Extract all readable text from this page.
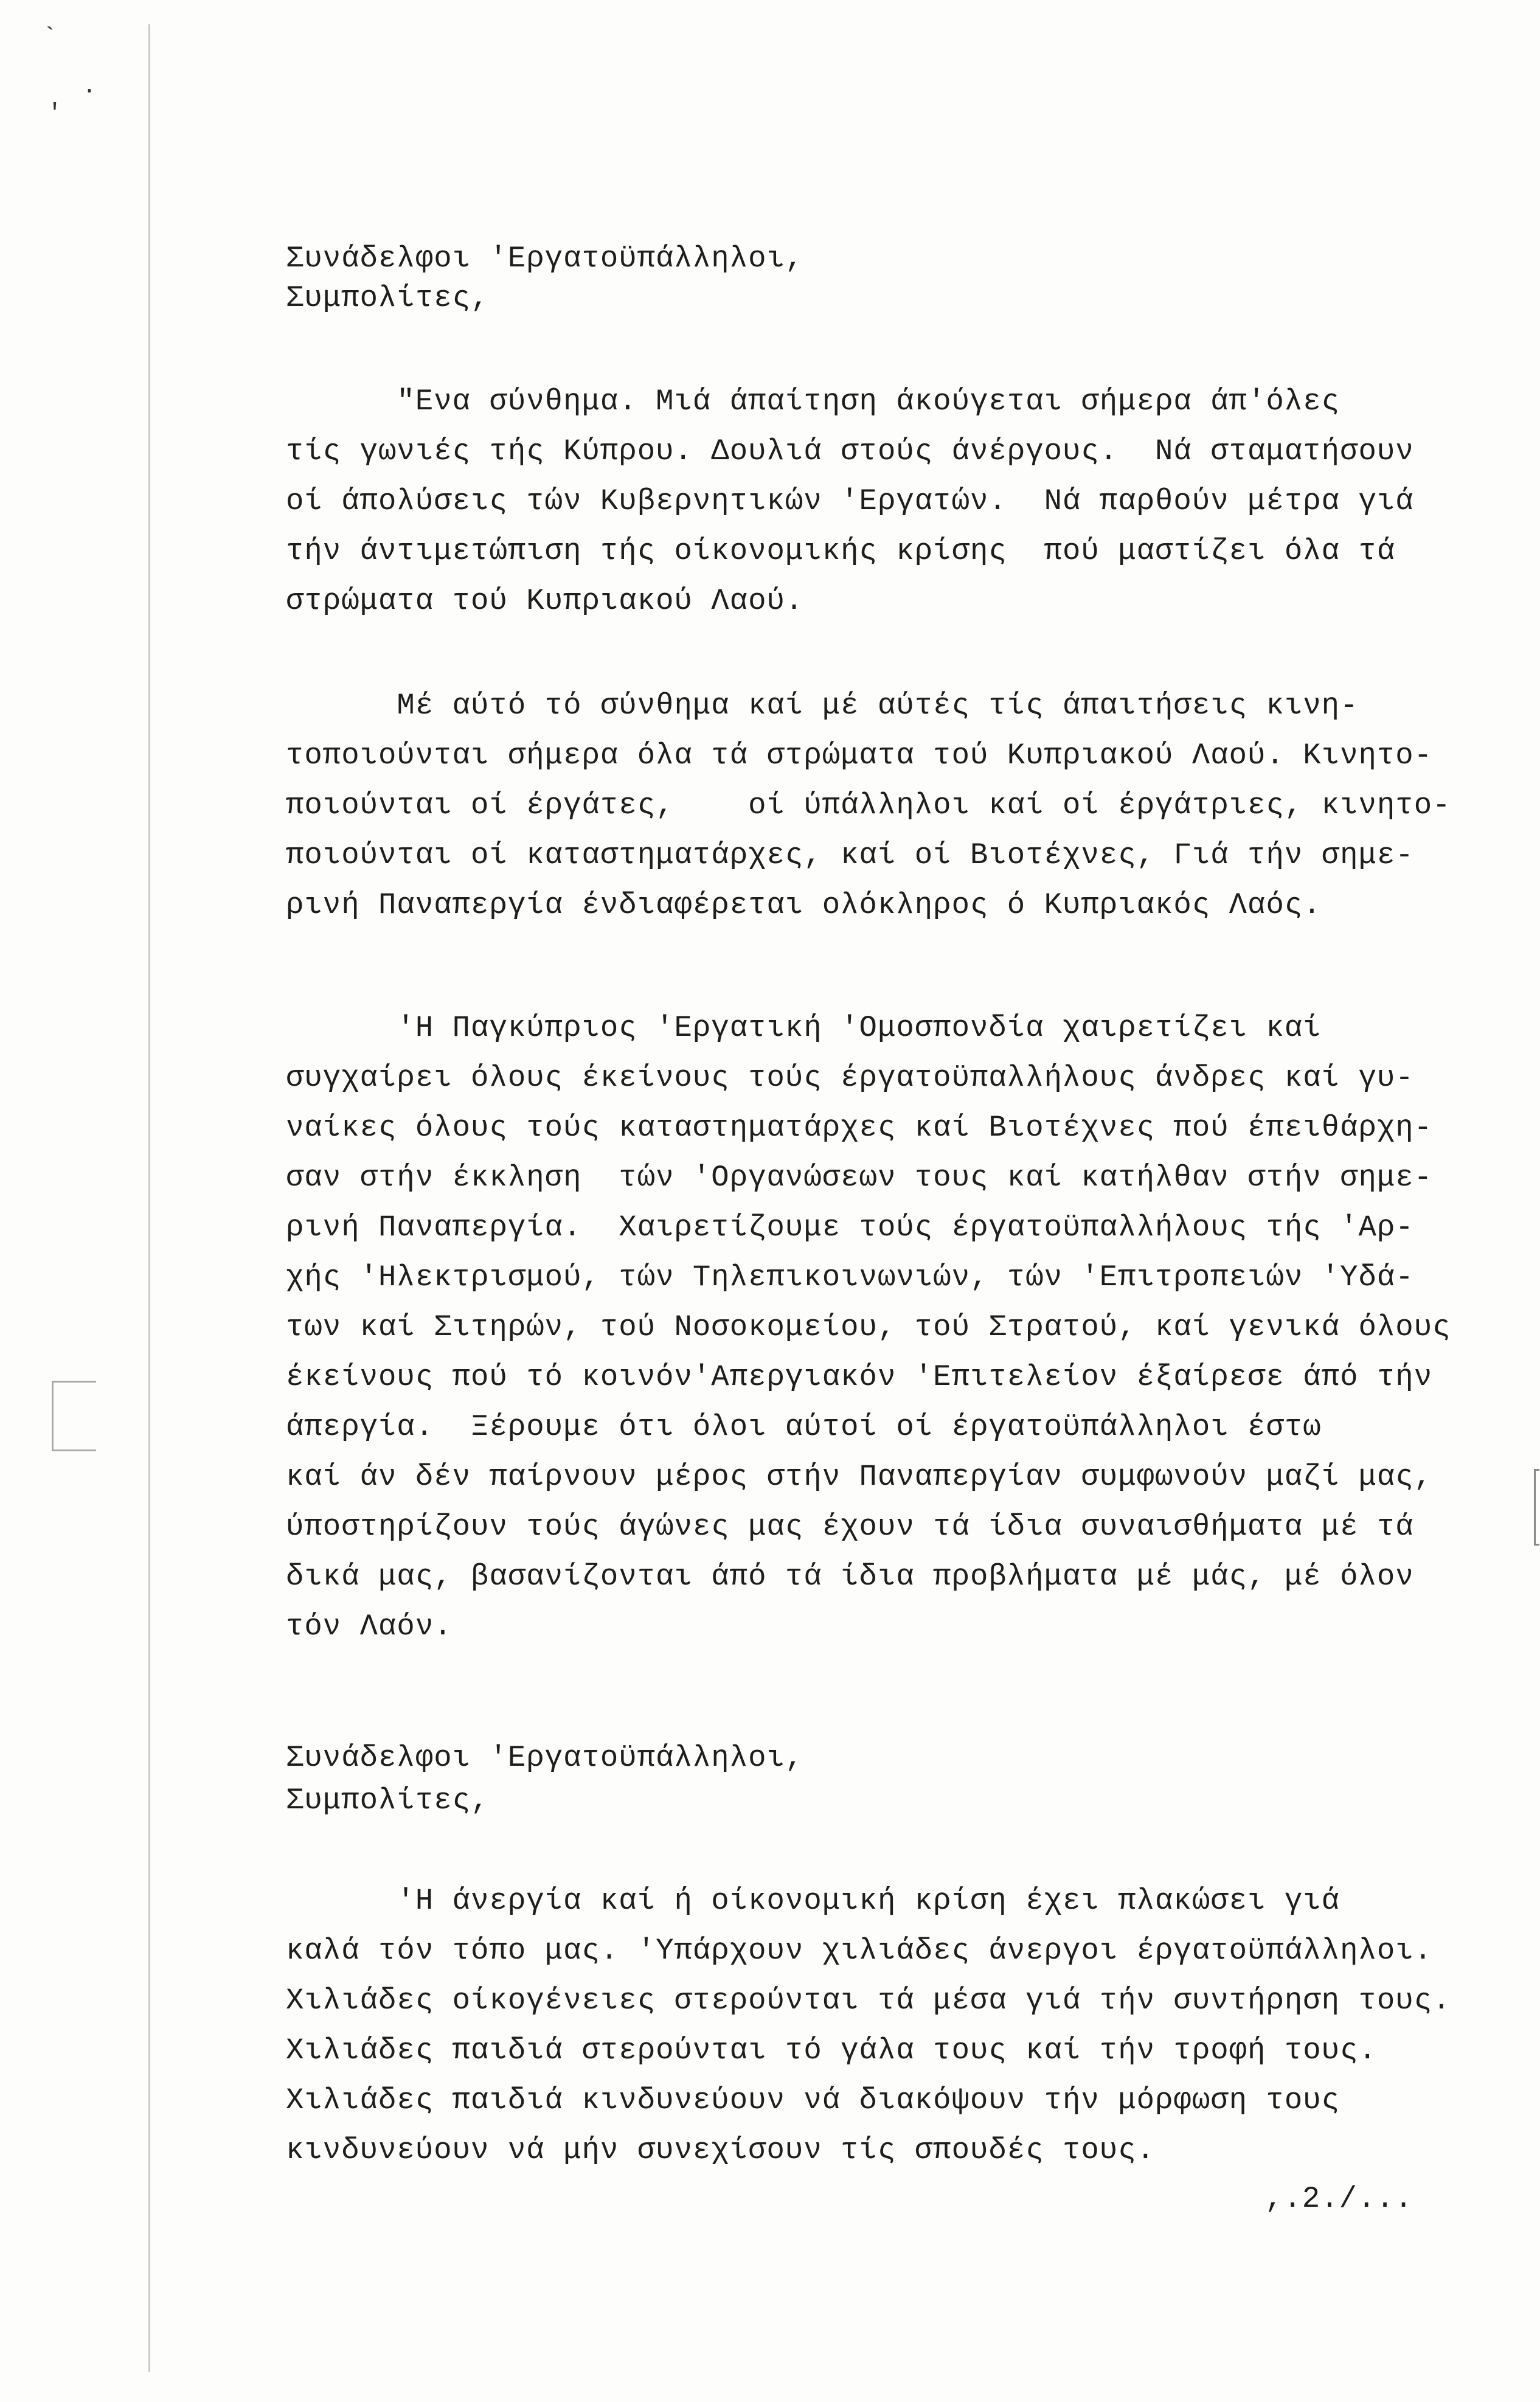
`
.
'
Συνάδελφοι 'Εργατοϋπάλληλοι,
Συμπολίτες,
"Ενα σύνθημα. Μιά άπαίτηση άκούγεται σήμερα άπ'όλες
τίς γωνιές τής Κύπρου. Δουλιά στούς άνέργους.  Νά σταματήσουν
οί άπολύσεις τών Κυβερνητικών 'Εργατών.  Νά παρθούν μέτρα γιά
τήν άντιμετώπιση τής οίκονομικής κρίσης  πού μαστίζει όλα τά
στρώματα τού Κυπριακού Λαού.
Μέ αύτό τό σύνθημα καί μέ αύτές τίς άπαιτήσεις κινη-
τοποιούνται σήμερα όλα τά στρώματα τού Κυπριακού Λαού. Κινητο-
ποιούνται οί έργάτες,    οί ύπάλληλοι καί οί έργάτριες, κινητο-
ποιούνται οί καταστηματάρχες, καί οί Βιοτέχνες, Γιά τήν σημε-
ρινή Παναπεργία ένδιαφέρεται ολόκληρος ό Κυπριακός Λαός.
'Η Παγκύπριος 'Εργατική 'Ομοσπονδία χαιρετίζει καί
συγχαίρει όλους έκείνους τούς έργατοϋπαλλήλους άνδρες καί γυ-
ναίκες όλους τούς καταστηματάρχες καί Βιοτέχνες πού έπειθάρχη-
σαν στήν έκκληση  τών 'Οργανώσεων τους καί κατήλθαν στήν σημε-
ρινή Παναπεργία.  Χαιρετίζουμε τούς έργατοϋπαλλήλους τής 'Αρ-
χής 'Ηλεκτρισμού, τών Τηλεπικοινωνιών, τών 'Επιτροπειών 'Υδά-
των καί Σιτηρών, τού Νοσοκομείου, τού Στρατού, καί γενικά όλους
έκείνους πού τό κοινόν'Απεργιακόν 'Επιτελείον έξαίρεσε άπό τήν
άπεργία.  Ξέρουμε ότι όλοι αύτοί οί έργατοϋπάλληλοι έστω
καί άν δέν παίρνουν μέρος στήν Παναπεργίαν συμφωνούν μαζί μας,
ύποστηρίζουν τούς άγώνες μας έχουν τά ίδια συναισθήματα μέ τά
δικά μας, βασανίζονται άπό τά ίδια προβλήματα μέ μάς, μέ όλον
τόν Λαόν.
Συνάδελφοι 'Εργατοϋπάλληλοι,
Συμπολίτες,
'Η άνεργία καί ή οίκονομική κρίση έχει πλακώσει γιά
καλά τόν τόπο μας. 'Υπάρχουν χιλιάδες άνεργοι έργατοϋπάλληλοι.
Χιλιάδες οίκογένειες στερούνται τά μέσα γιά τήν συντήρηση τους.
Χιλιάδες παιδιά στερούνται τό γάλα τους καί τήν τροφή τους.
Χιλιάδες παιδιά κινδυνεύουν νά διακόψουν τήν μόρφωση τους
κινδυνεύουν νά μήν συνεχίσουν τίς σπουδές τους.
,.2./...
